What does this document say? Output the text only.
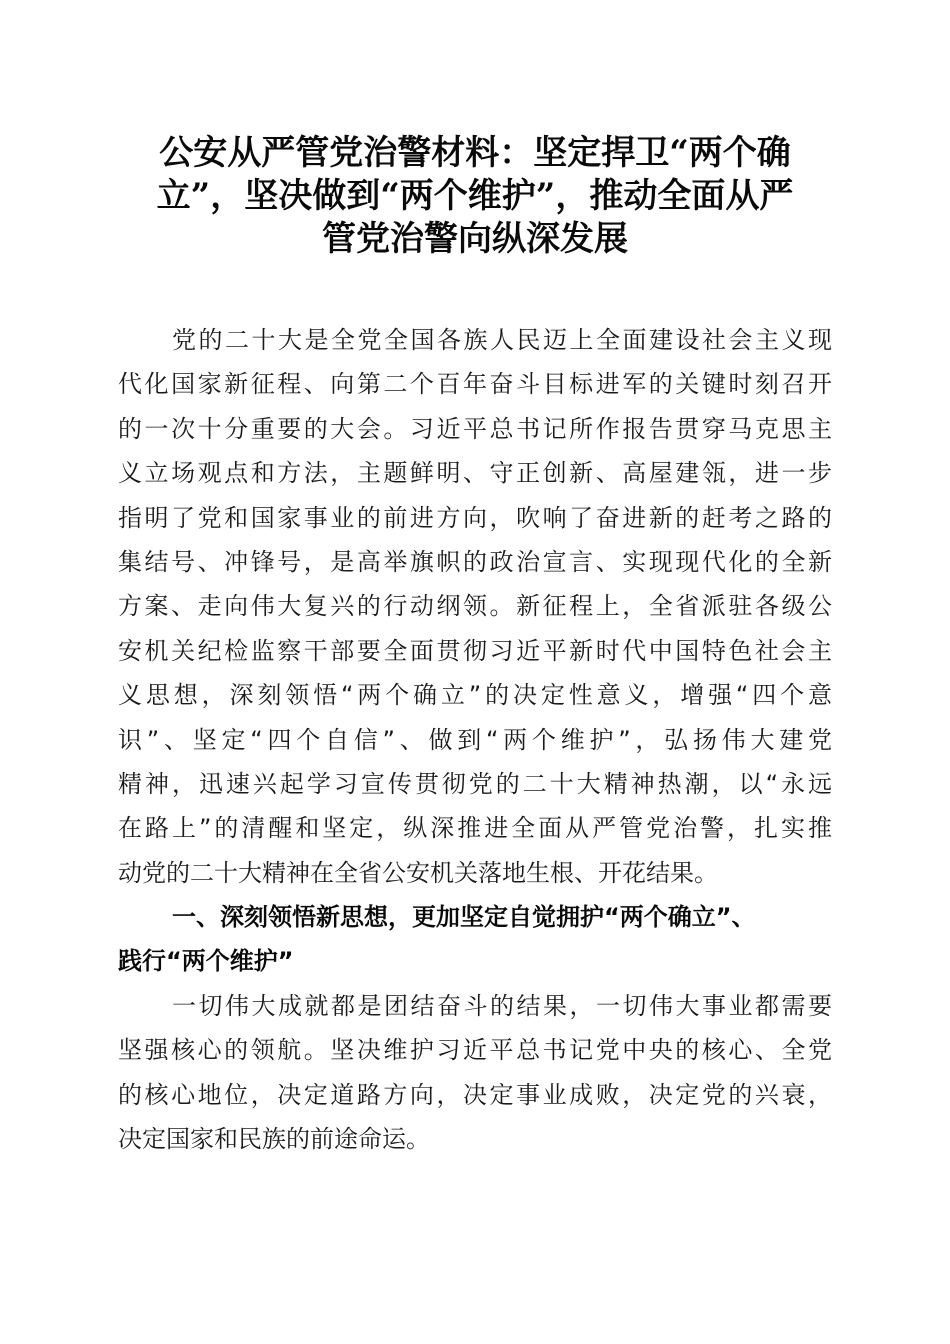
公安从严管党治警材料：坚定捍卫“两个确
立”，坚决做到“两个维护”，推动全面从严
管党治警向纵深发展
党的二十大是全党全国各族人民迈上全面建设社会主义现
代化国家新征程、向第二个百年奋斗目标进军的关键时刻召开
的一次十分重要的大会。习近平总书记所作报告贯穿马克思主
义立场观点和方法，主题鲜明、守正创新、高屋建瓴，进一步
指明了党和国家事业的前进方向，吹响了奋进新的赶考之路的
集结号、冲锋号，是高举旗帜的政治宣言、实现现代化的全新
方案、走向伟大复兴的行动纲领。新征程上，全省派驻各级公
安机关纪检监察干部要全面贯彻习近平新时代中国特色社会主
义思想，深刻领悟“两个确立”的决定性意义，增强“四个意
识”、坚定“四个自信”、做到“两个维护”，弘扬伟大建党
精神，迅速兴起学习宣传贯彻党的二十大精神热潮，以“永远
在路上”的清醒和坚定，纵深推进全面从严管党治警，扎实推
动党的二十大精神在全省公安机关落地生根、开花结果。
一、深刻领悟新思想，更加坚定自觉拥护“两个确立”、
践行“两个维护”
一切伟大成就都是团结奋斗的结果，一切伟大事业都需要
坚强核心的领航。坚决维护习近平总书记党中央的核心、全党
的核心地位，决定道路方向，决定事业成败，决定党的兴衰，
决定国家和民族的前途命运。
